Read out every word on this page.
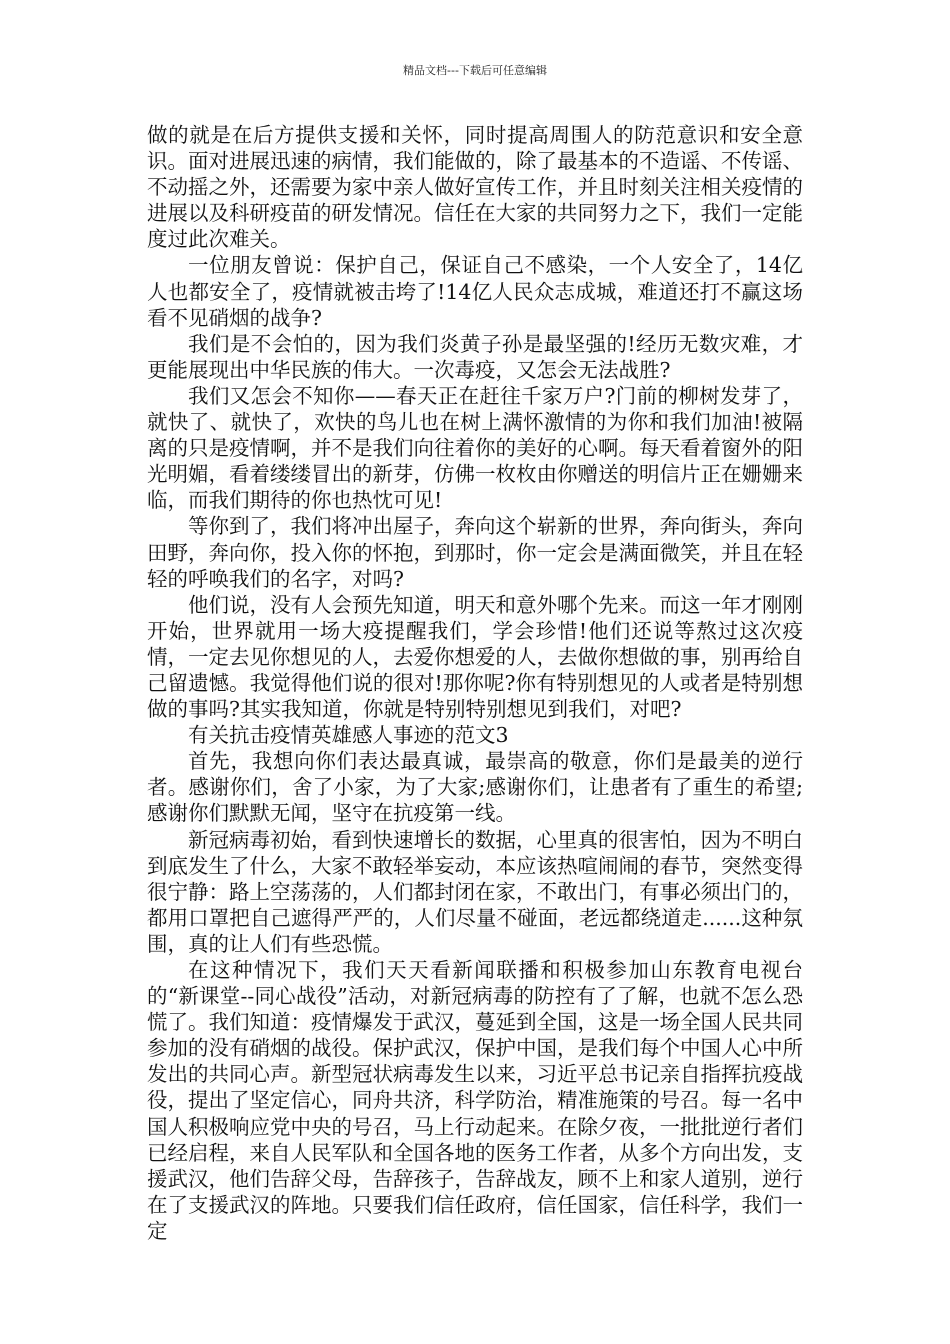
精品文档---下载后可任意编辑

做的就是在后方提供支援和关怀，同时提高周围人的防范意识和安全意识。面对进展迅速的病情，我们能做的，除了最基本的不造谣、不传谣、不动摇之外，还需要为家中亲人做好宣传工作，并且时刻关注相关疫情的进展以及科研疫苗的研发情况。信任在大家的共同努力之下，我们一定能度过此次难关。

一位朋友曾说：保护自己，保证自己不感染，一个人安全了，14亿人也都安全了，疫情就被击垮了!14亿人民众志成城，难道还打不赢这场看不见硝烟的战争?

我们是不会怕的，因为我们炎黄子孙是最坚强的!经历无数灾难，才更能展现出中华民族的伟大。一次毒疫，又怎会无法战胜?

我们又怎会不知你——春天正在赶往千家万户?门前的柳树发芽了，就快了、就快了，欢快的鸟儿也在树上满怀激情的为你和我们加油!被隔离的只是疫情啊，并不是我们向往着你的美好的心啊。每天看着窗外的阳光明媚，看着缕缕冒出的新芽，仿佛一枚枚由你赠送的明信片正在姗姗来临，而我们期待的你也热忱可见!

等你到了，我们将冲出屋子，奔向这个崭新的世界，奔向街头，奔向田野，奔向你，投入你的怀抱，到那时，你一定会是满面微笑，并且在轻轻的呼唤我们的名字，对吗?

他们说，没有人会预先知道，明天和意外哪个先来。而这一年才刚刚开始，世界就用一场大疫提醒我们，学会珍惜!他们还说等熬过这次疫情，一定去见你想见的人，去爱你想爱的人，去做你想做的事，别再给自己留遗憾。我觉得他们说的很对!那你呢?你有特别想见的人或者是特别想做的事吗?其实我知道，你就是特别特别想见到我们，对吧?

有关抗击疫情英雄感人事迹的范文3

首先，我想向你们表达最真诚，最崇高的敬意，你们是最美的逆行者。感谢你们，舍了小家，为了大家;感谢你们，让患者有了重生的希望;感谢你们默默无闻，坚守在抗疫第一线。

新冠病毒初始，看到快速增长的数据，心里真的很害怕，因为不明白到底发生了什么，大家不敢轻举妄动，本应该热喧闹闹的春节，突然变得很宁静：路上空荡荡的，人们都封闭在家，不敢出门，有事必须出门的，都用口罩把自己遮得严严的，人们尽量不碰面，老远都绕道走......这种氛围，真的让人们有些恐慌。

在这种情况下，我们天天看新闻联播和积极参加山东教育电视台的“新课堂--同心战役”活动，对新冠病毒的防控有了了解，也就不怎么恐慌了。我们知道：疫情爆发于武汉，蔓延到全国，这是一场全国人民共同参加的没有硝烟的战役。保护武汉，保护中国，是我们每个中国人心中所发出的共同心声。新型冠状病毒发生以来，习近平总书记亲自指挥抗疫战役，提出了坚定信心，同舟共济，科学防治，精准施策的号召。每一名中国人积极响应党中央的号召，马上行动起来。在除夕夜，一批批逆行者们已经启程，来自人民军队和全国各地的医务工作者，从多个方向出发，支援武汉，他们告辞父母，告辞孩子，告辞战友，顾不上和家人道别，逆行在了支援武汉的阵地。只要我们信任政府，信任国家，信任科学，我们一定
